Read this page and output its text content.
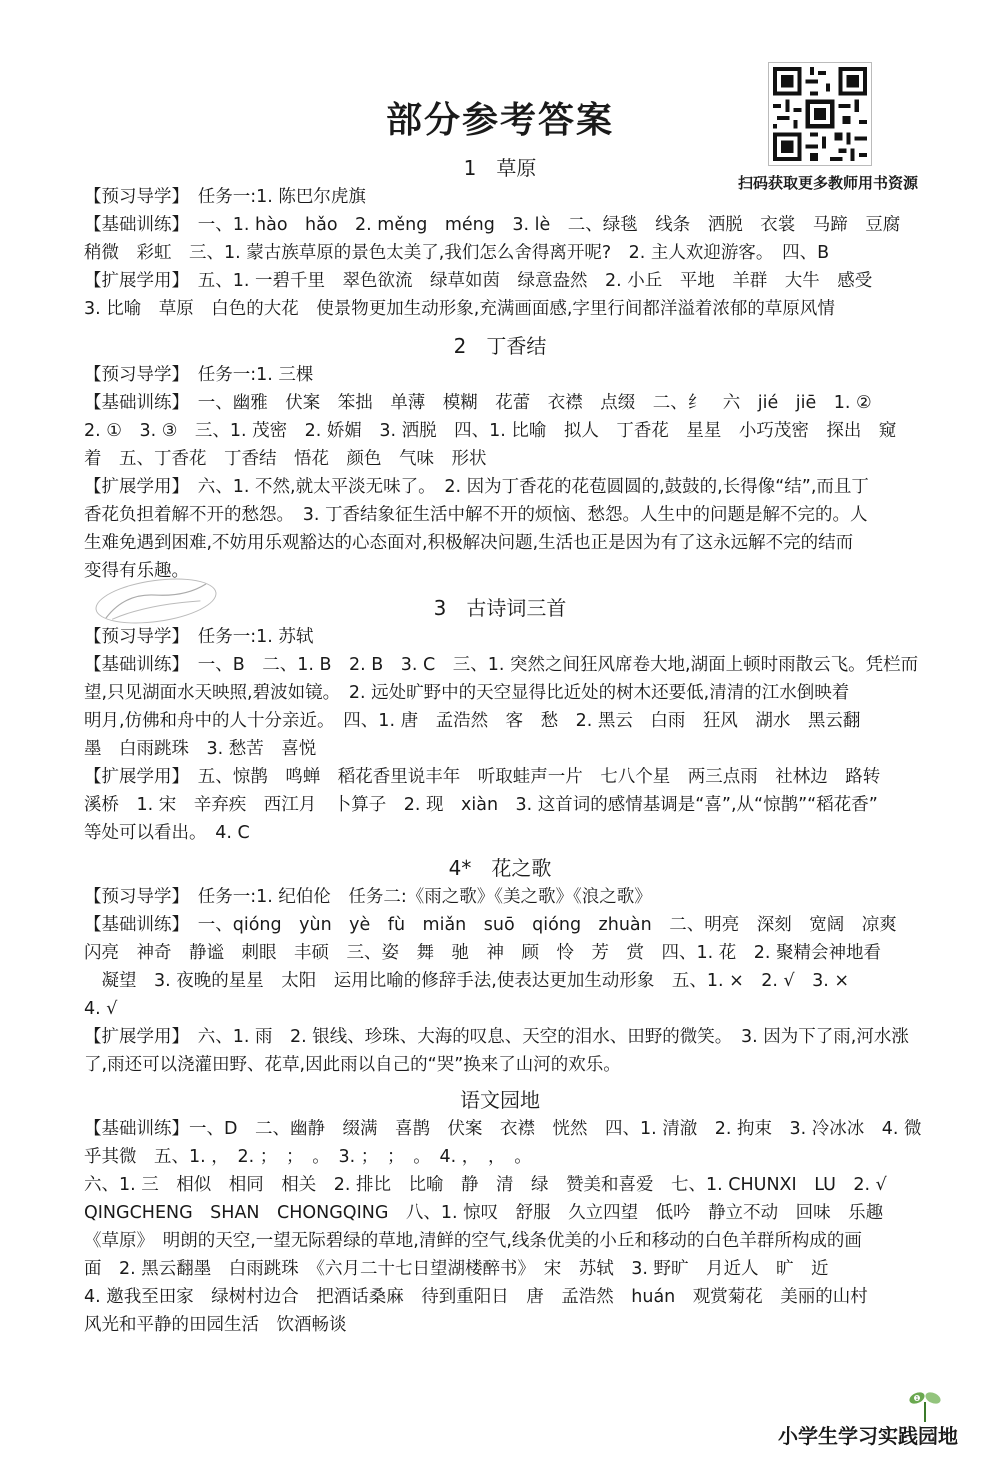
部分参考答案
扫码获取更多教师用书资源
1　草原
【预习导学】　任务一:1. 陈巴尔虎旗
【基础训练】　一、1. hào　hǎo　2. měng　méng　3. lè　二、绿毯　线条　洒脱　衣裳　马蹄　豆腐
稍微　彩虹　三、1. 蒙古族草原的景色太美了,我们怎么舍得离开呢?　2. 主人欢迎游客。　四、B
【扩展学用】　五、1. 一碧千里　翠色欲流　绿草如茵　绿意盎然　2. 小丘　平地　羊群　大牛　感受
3. 比喻　草原　白色的大花　使景物更加生动形象,充满画面感,字里行间都洋溢着浓郁的草原风情
2　丁香结
【预习导学】　任务一:1. 三棵
【基础训练】　一、幽雅　伏案　笨拙　单薄　模糊　花蕾　衣襟　点缀　二、纟　六　jié　jiē　1. ②
2. ①　3. ③　三、1. 茂密　2. 娇媚　3. 洒脱　四、1. 比喻　拟人　丁香花　星星　小巧茂密　探出　窥
着　五、丁香花　丁香结　悟花　颜色　气味　形状
【扩展学用】　六、1. 不然,就太平淡无味了。　2. 因为丁香花的花苞圆圆的,鼓鼓的,长得像“结”,而且丁
香花负担着解不开的愁怨。　3. 丁香结象征生活中解不开的烦恼、愁怨。人生中的问题是解不完的。人
生难免遇到困难,不妨用乐观豁达的心态面对,积极解决问题,生活也正是因为有了这永远解不完的结而
变得有乐趣。
3　古诗词三首
【预习导学】　任务一:1. 苏轼
【基础训练】　一、B　二、1. B　2. B　3. C　三、1. 突然之间狂风席卷大地,湖面上顿时雨散云飞。凭栏而
望,只见湖面水天映照,碧波如镜。　2. 远处旷野中的天空显得比近处的树木还要低,清清的江水倒映着
明月,仿佛和舟中的人十分亲近。　四、1. 唐　孟浩然　客　愁　2. 黑云　白雨　狂风　湖水　黑云翻
墨　白雨跳珠　3. 愁苦　喜悦
【扩展学用】　五、惊鹊　鸣蝉　稻花香里说丰年　听取蛙声一片　七八个星　两三点雨　社林边　路转
溪桥　1. 宋　辛弃疾　西江月　卜算子　2. 现　xiàn　3. 这首词的感情基调是“喜”,从“惊鹊”“稻花香”
等处可以看出。　4. C
4*　花之歌
【预习导学】　任务一:1. 纪伯伦　任务二:《雨之歌》《美之歌》《浪之歌》
【基础训练】　一、qióng　yùn　yè　fù　miǎn　suō　qióng　zhuàn　二、明亮　深刻　宽阔　凉爽
闪亮　神奇　静谧　刺眼　丰硕　三、姿　舞　驰　神　顾　怜　芳　赏　四、1. 花　2. 聚精会神地看
　凝望　3. 夜晚的星星　太阳　运用比喻的修辞手法,使表达更加生动形象　五、1. ×　2. √　3. ×
4. √
【扩展学用】　六、1. 雨　2. 银线、珍珠、大海的叹息、天空的泪水、田野的微笑。　3. 因为下了雨,河水涨
了,雨还可以浇灌田野、花草,因此雨以自己的“哭”换来了山河的欢乐。
语文园地
【基础训练】一、D　二、幽静　缀满　喜鹊　伏案　衣襟　恍然　四、1. 清澈　2. 拘束　3. 冷冰冰　4. 微
乎其微　五、1. ，　2. ；　；　。　3. ；　；　。　4. ，　，　。
六、1. 三　相似　相同　相关　2. 排比　比喻　静　清　绿　赞美和喜爱　七、1. CHUNXI　LU　2. √
QINGCHENG　SHAN　CHONGQING　八、1. 惊叹　舒服　久立四望　低吟　静立不动　回味　乐趣
《草原》　明朗的天空,一望无际碧绿的草地,清鲜的空气,线条优美的小丘和移动的白色羊群所构成的画
面　2. 黑云翻墨　白雨跳珠　《六月二十七日望湖楼醉书》　宋　苏轼　3. 野旷　月近人　旷　近
4. 邀我至田家　绿树村边合　把酒话桑麻　待到重阳日　唐　孟浩然　huán　观赏菊花　美丽的山村
风光和平静的田园生活　饮酒畅谈
1
小学生学习实践园地
